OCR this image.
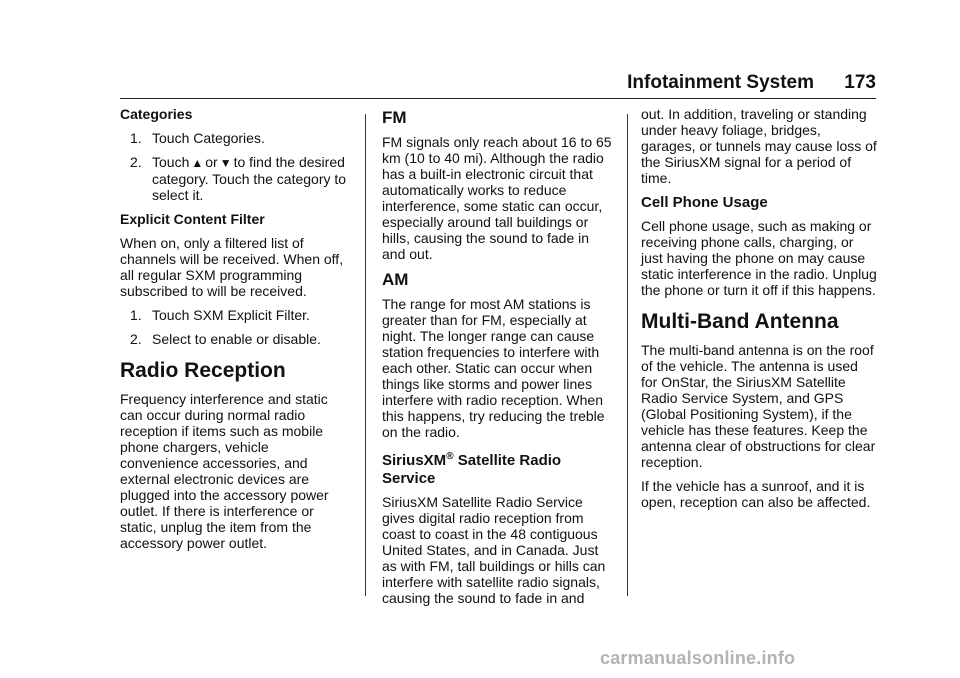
Infotainment System 173
Categories
1. Touch Categories.
2. Touch ▲ or ▼ to find the desired category. Touch the category to select it.
Explicit Content Filter

When on, only a filtered list of channels will be received. When off, all regular SXM programming subscribed to will be received.

1. Touch SXM Explicit Filter.
2. Select to enable or disable.
Radio Reception

Frequency interference and static can occur during normal radio reception if items such as mobile phone chargers, vehicle convenience accessories, and external electronic devices are plugged into the accessory power outlet. If there is interference or static, unplug the item from the accessory power outlet.

FM

FM signals only reach about 16 to 65 km (10 to 40 mi). Although the radio has a built-in electronic circuit that automatically works to reduce interference, some static can occur, especially around tall buildings or hills, causing the sound to fade in and out.

AM

The range for most AM stations is greater than for FM, especially at night. The longer range can cause station frequencies to interfere with each other. Static can occur when things like storms and power lines interfere with radio reception. When this happens, try reducing the treble on the radio.

SiriusXM® Satellite Radio Service

SiriusXM Satellite Radio Service gives digital radio reception from coast to coast in the 48 contiguous United States, and in Canada. Just as with FM, tall buildings or hills can interfere with satellite radio signals, causing the sound to fade in and

out. In addition, traveling or standing under heavy foliage, bridges, garages, or tunnels may cause loss of the SiriusXM signal for a period of time.

Cell Phone Usage

Cell phone usage, such as making or receiving phone calls, charging, or just having the phone on may cause static interference in the radio. Unplug the phone or turn it off if this happens.

Multi-Band Antenna

The multi-band antenna is on the roof of the vehicle. The antenna is used for OnStar, the SiriusXM Satellite Radio Service System, and GPS (Global Positioning System), if the vehicle has these features. Keep the antenna clear of obstructions for clear reception.

If the vehicle has a sunroof, and it is open, reception can also be affected.

carmanualsonline.info
